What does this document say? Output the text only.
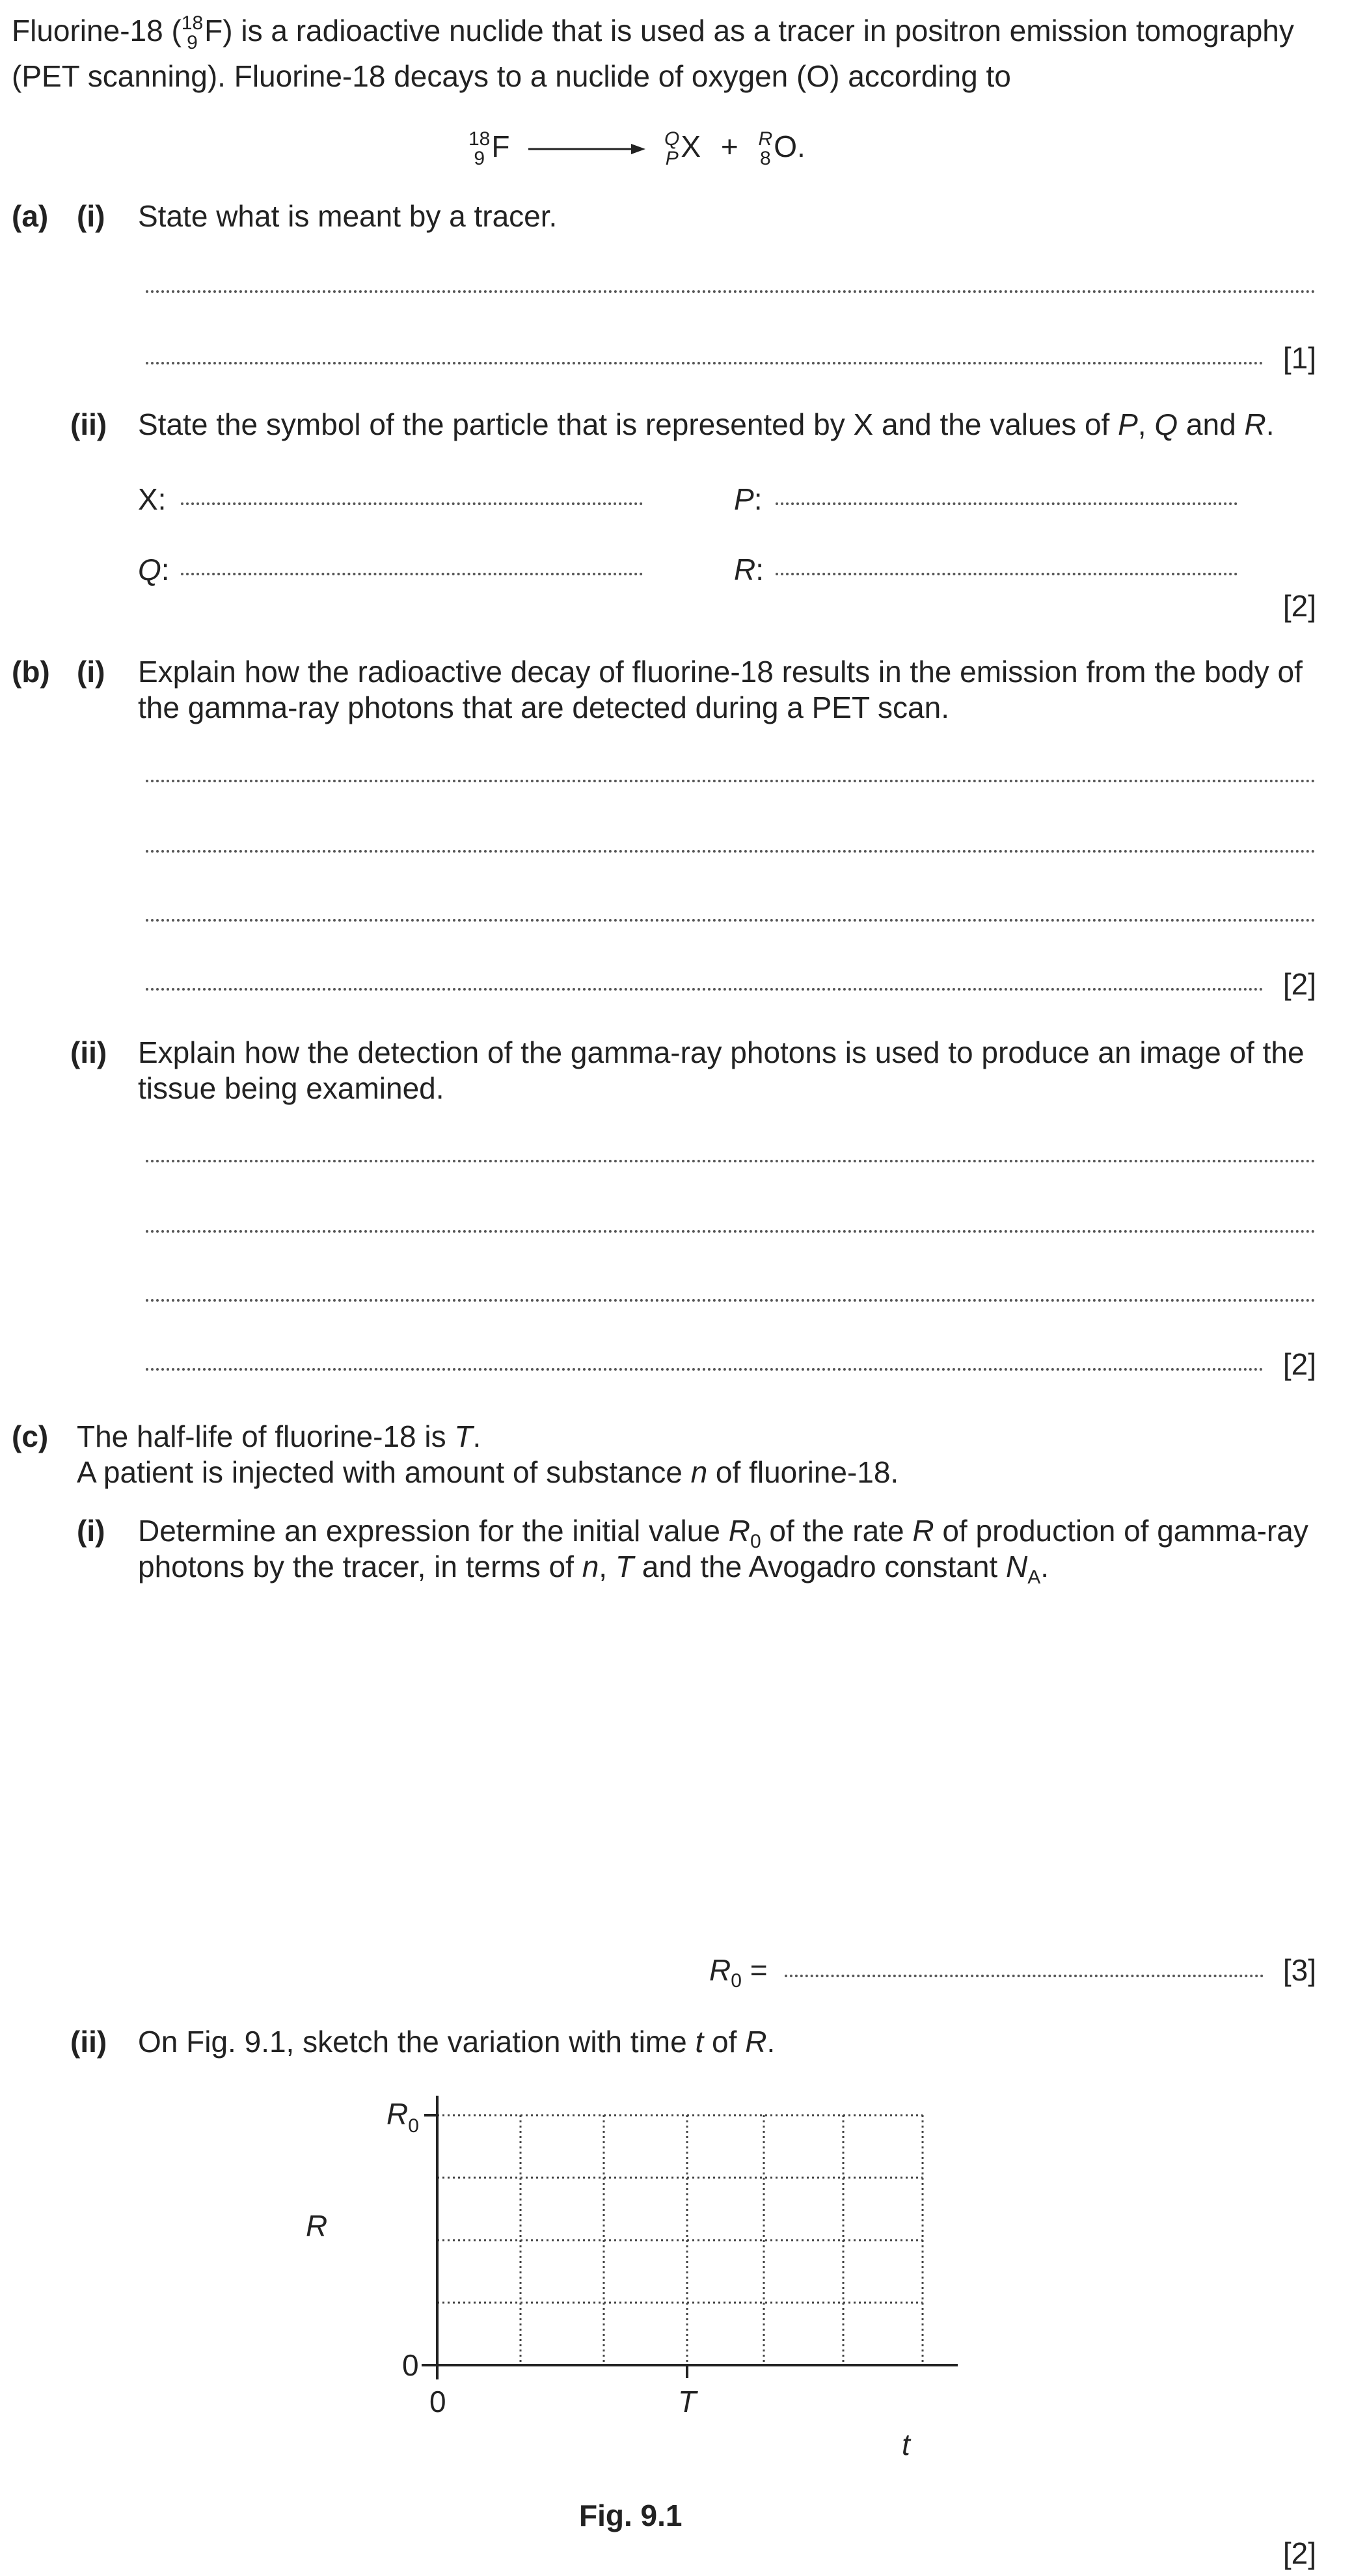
Fluorine-18 ( 18
9 F) is a radioactive nuclide that is used as a tracer in positron emission tomography
(PET scanning). Fluorine-18 decays to a nuclide of oxygen (O) according to
18
9 F → Q
P X + R
8 O.
(a) (i) State what is meant by a tracer.
[1]
(ii) State the symbol of the particle that is represented by X and the values of P, Q and R.
X:	P:
Q:	R:
[2]
(b) (i) Explain how the radioactive decay of fluorine-18 results in the emission from the body of
the gamma-ray photons that are detected during a PET scan.
[2]
(ii) Explain how the detection of the gamma-ray photons is used to produce an image of the
tissue being examined.
[2]
(c) The half-life of fluorine-18 is T.
A patient is injected with amount of substance n of fluorine-18.
(i) Determine an expression for the initial value $R_0$ of the rate R of production of gamma-ray
photons by the tracer, in terms of n, T and the Avogadro constant $N_A$.
$R_0$ =	[3]
(ii) On Fig. 9.1, sketch the variation with time t of R.
$R_0$
R
0
0	T
t
Fig. 9.1
[2]
